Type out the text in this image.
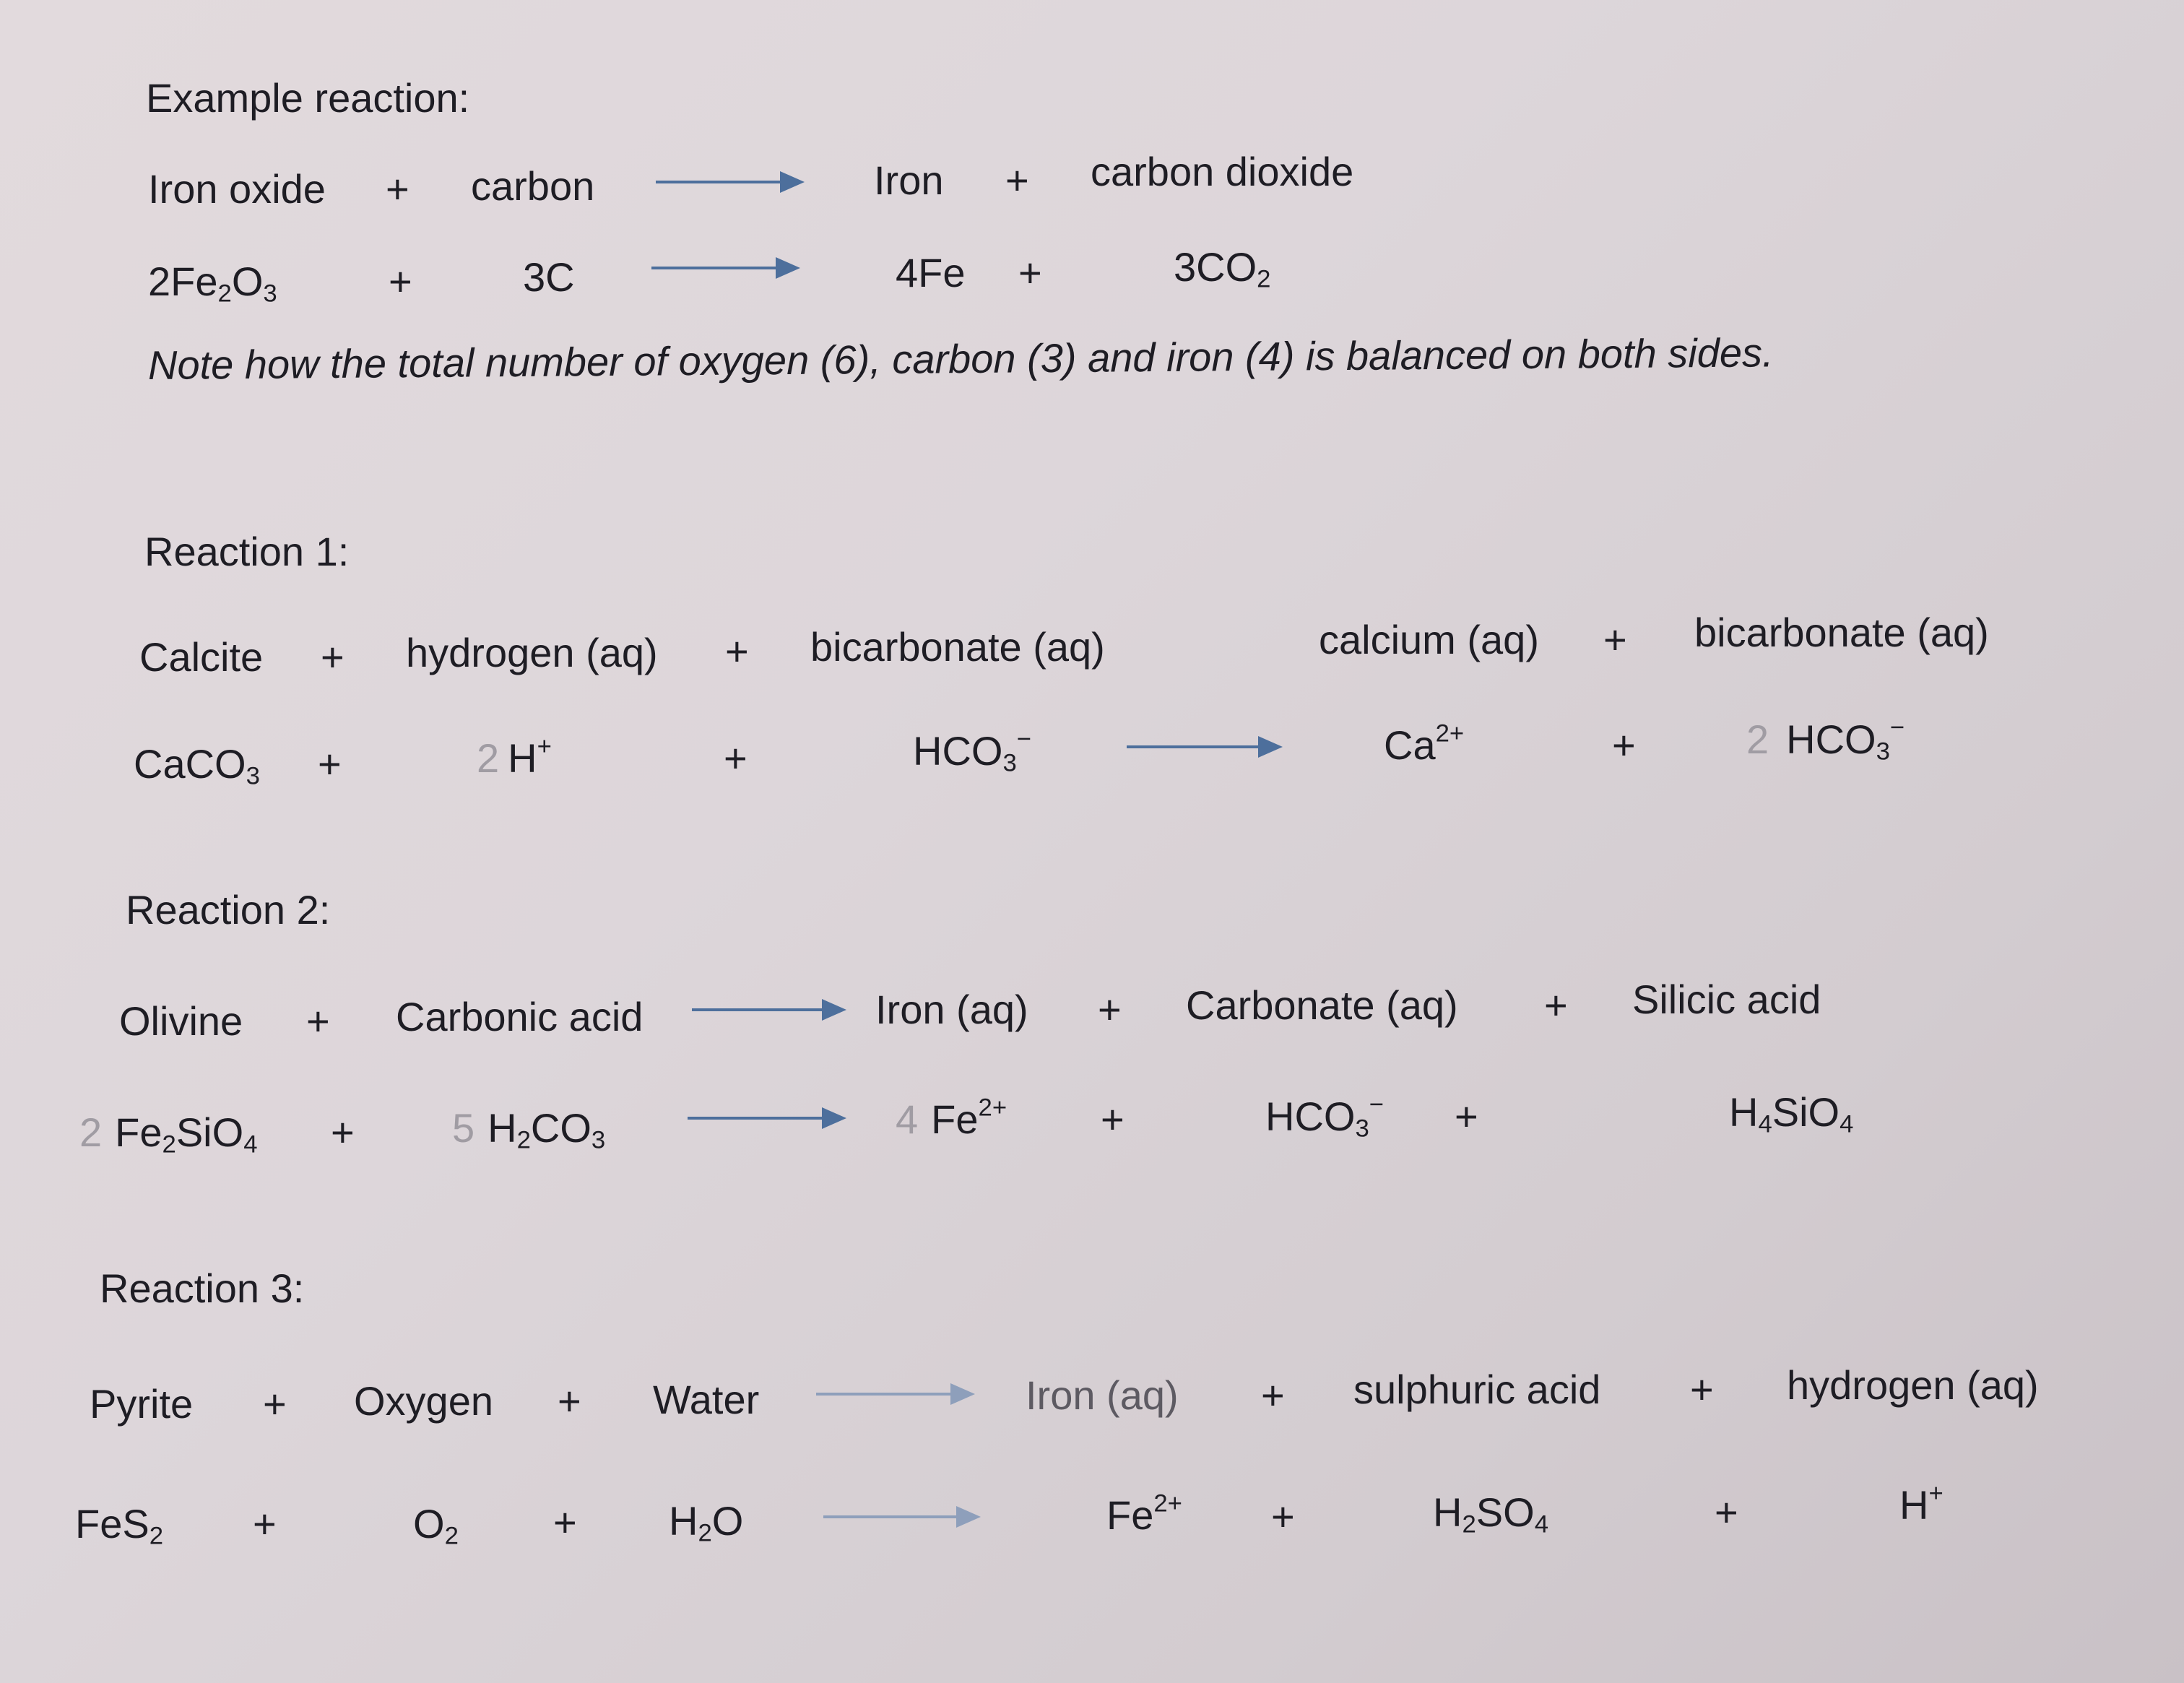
Example reaction:
Iron oxide + carbon	Iron + carbon dioxide
$2Fe_2O_3$	+	3C	4Fe +	$3CO_2$
Note how the total number of oxygen (6), carbon (3) and iron (4) is balanced on both sides.
Reaction 1:
Calcite + hydrogen (aq) + bicarbonate (aq)	calcium (aq) + bicarbonate (aq)
CaCO$_3$ +	2 H+	+	$HCO_3^-$	$Ca^{2+}$	+	2 $HCO_3^-$
Reaction 2:
Olivine + Carbonic acid	Iron (aq) + Carbonate (aq) + Silicic acid
2 $Fe_2SiO_4 + 5$ $H_2CO_3$	4 $Fe^{2+}$ +	$HCO_3^-$ +	$H_4SiO_4$
Reaction 3:
Pyrite + Oxygen + Water	Iron (aq) + sulphuric acid + hydrogen (aq)
FeS$_2$ +	$O_2 + H_2O$	$Fe^{2+}$ +	$H_2SO_4$	+	H+
